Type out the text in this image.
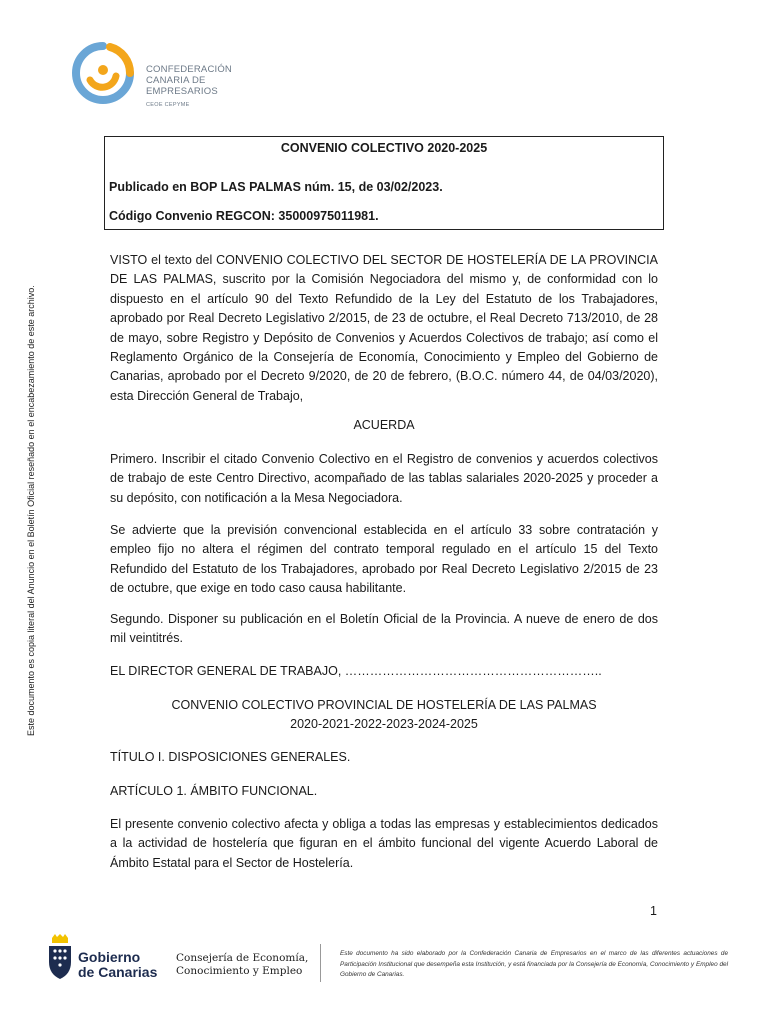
CONFEDERACIÓN
CANARIA DE
EMPRESARIOS
CEOE CEPYME
CONVENIO COLECTIVO 2020-2025
Publicado en BOP LAS PALMAS núm. 15, de 03/02/2023.
Código Convenio REGCON: 35000975011981.
Este documento es copia literal del Anuncio en el Boletín Oficial reseñado en el encabezamiento de este archivo.
VISTO el texto del CONVENIO COLECTIVO DEL SECTOR DE HOSTELERÍA DE LA PROVINCIA DE LAS PALMAS, suscrito por la Comisión Negociadora del mismo y, de conformidad con lo dispuesto en el artículo 90 del Texto Refundido de la Ley del Estatuto de los Trabajadores, aprobado por Real Decreto Legislativo 2/2015, de 23 de octubre, el Real Decreto 713/2010, de 28 de mayo, sobre Registro y Depósito de Convenios y Acuerdos Colectivos de trabajo; así como el Reglamento Orgánico de la Consejería de Economía, Conocimiento y Empleo del Gobierno de Canarias, aprobado por el Decreto 9/2020, de 20 de febrero, (B.O.C. número 44, de 04/03/2020), esta Dirección General de Trabajo,
ACUERDA
Primero. Inscribir el citado Convenio Colectivo en el Registro de convenios y acuerdos colectivos de trabajo de este Centro Directivo, acompañado de las tablas salariales 2020-2025 y proceder a su depósito, con notificación a la Mesa Negociadora.
Se advierte que la previsión convencional establecida en el artículo 33 sobre contratación y empleo fijo no altera el régimen del contrato temporal regulado en el artículo 15 del Texto Refundido del Estatuto de los Trabajadores, aprobado por Real Decreto Legislativo 2/2015 de 23 de octubre, que exige en todo caso causa habilitante.
Segundo. Disponer su publicación en el Boletín Oficial de la Provincia. A nueve de enero de dos mil veintitrés.
EL DIRECTOR GENERAL DE TRABAJO, ……………………………………………………..
CONVENIO COLECTIVO PROVINCIAL DE HOSTELERÍA DE LAS PALMAS
2020-2021-2022-2023-2024-2025
TÍTULO I. DISPOSICIONES GENERALES.
ARTÍCULO 1. ÁMBITO FUNCIONAL.
El presente convenio colectivo afecta y obliga a todas las empresas y establecimientos dedicados a la actividad de hostelería que figuran en el ámbito funcional del vigente Acuerdo Laboral de Ámbito Estatal para el Sector de Hostelería.
1
Gobierno
de Canarias
Consejería de Economía,
Conocimiento y Empleo
Este documento ha sido elaborado por la Confederación Canaria de Empresarios en el marco de las diferentes actuaciones de Participación Institucional que desempeña esta Institución, y está financiada por la Consejería de Economía, Conocimiento y Empleo del Gobierno de Canarias.
